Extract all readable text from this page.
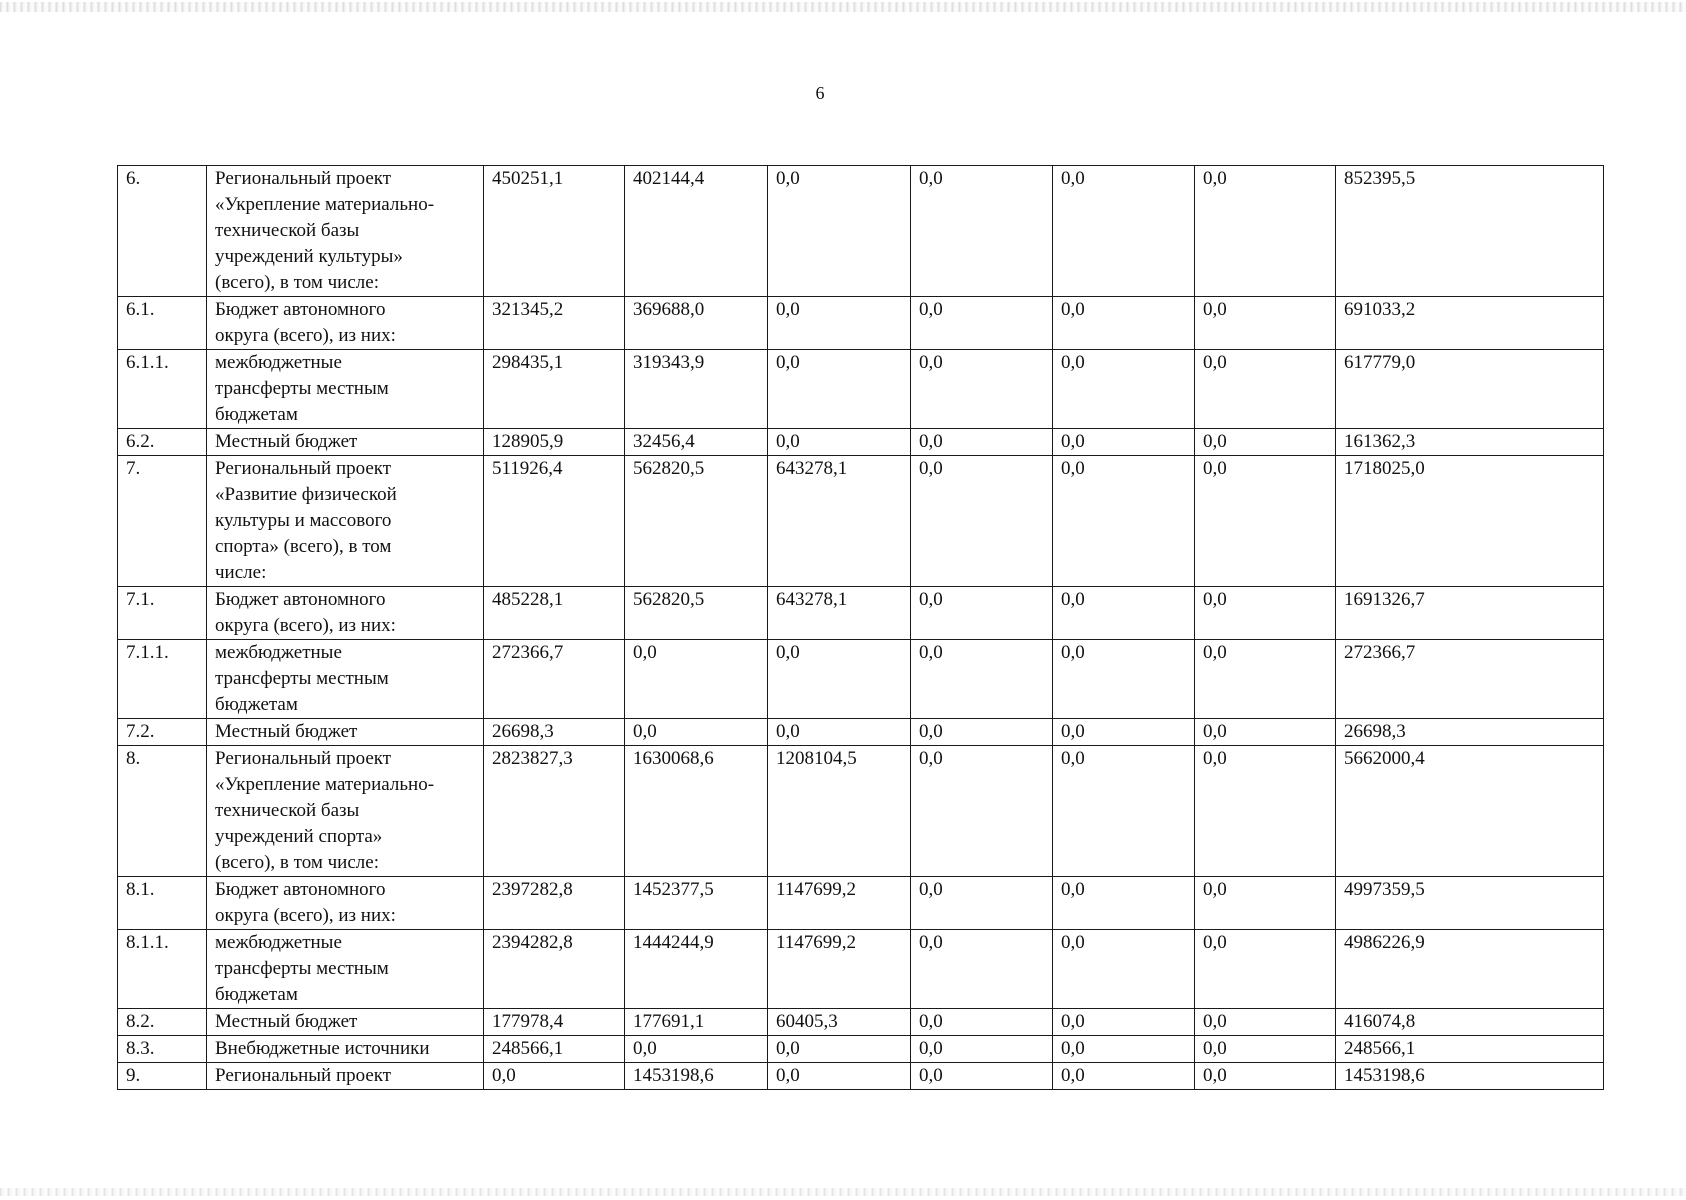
6
6.	Региональный проект
«Укрепление материально-
технической базы
учреждений культуры»
(всего), в том числе:	450251,1	402144,4	0,0	0,0	0,0	0,0	852395,5
6.1.	Бюджет автономного
округа (всего), из них:	321345,2	369688,0	0,0	0,0	0,0	0,0	691033,2
6.1.1.	межбюджетные
трансферты местным
бюджетам	298435,1	319343,9	0,0	0,0	0,0	0,0	617779,0
6.2.	Местный бюджет	128905,9	32456,4	0,0	0,0	0,0	0,0	161362,3
7.	Региональный проект
«Развитие физической
культуры и массового
спорта» (всего), в том
числе:	511926,4	562820,5	643278,1	0,0	0,0	0,0	1718025,0
7.1.	Бюджет автономного
округа (всего), из них:	485228,1	562820,5	643278,1	0,0	0,0	0,0	1691326,7
7.1.1.	межбюджетные
трансферты местным
бюджетам	272366,7	0,0	0,0	0,0	0,0	0,0	272366,7
7.2.	Местный бюджет	26698,3	0,0	0,0	0,0	0,0	0,0	26698,3
8.	Региональный проект
«Укрепление материально-
технической базы
учреждений спорта»
(всего), в том числе:	2823827,3	1630068,6	1208104,5	0,0	0,0	0,0	5662000,4
8.1.	Бюджет автономного
округа (всего), из них:	2397282,8	1452377,5	1147699,2	0,0	0,0	0,0	4997359,5
8.1.1.	межбюджетные
трансферты местным
бюджетам	2394282,8	1444244,9	1147699,2	0,0	0,0	0,0	4986226,9
8.2.	Местный бюджет	177978,4	177691,1	60405,3	0,0	0,0	0,0	416074,8
8.3.	Внебюджетные источники	248566,1	0,0	0,0	0,0	0,0	0,0	248566,1
9.	Региональный проект	0,0	1453198,6	0,0	0,0	0,0	0,0	1453198,6
